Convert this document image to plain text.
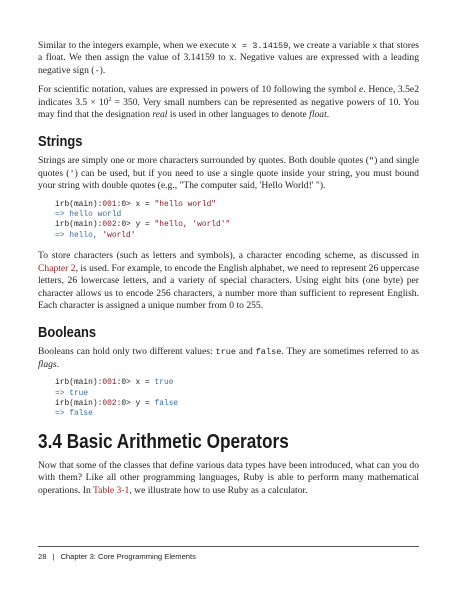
Similar to the integers example, when we execute x = 3.14159, we create a variable x that stores a float. We then assign the value of 3.14159 to x. Negative values are expressed with a leading negative sign (-).

For scientific notation, values are expressed in powers of 10 following the symbol e. Hence, 3.5e2 indicates $3.5 \times 10^2 = 350$. Very small numbers can be represented as negative powers of 10. You may find that the designation real is used in other languages to denote float.

Strings

Strings are simply one or more characters surrounded by quotes. Both double quotes (") and single quotes (') can be used, but if you need to use a single quote inside your string, you must bound your string with double quotes (e.g., "The computer said, 'Hello World!' ").

irb(main):001:0> x = "hello world"
=> hello world
irb(main):002:0> y = "hello, 'world'"
=> hello, 'world'

To store characters (such as letters and symbols), a character encoding scheme, as discussed in Chapter 2, is used. For example, to encode the English alphabet, we need to represent 26 uppercase letters, 26 lowercase letters, and a variety of special characters. Using eight bits (one byte) per character allows us to encode 256 characters, a number more than sufficient to represent English. Each character is assigned a unique number from 0 to 255.

Booleans

Booleans can hold only two different values: true and false. They are sometimes referred to as flags.

irb(main):001:0> x = true
=> true
irb(main):002:0> y = false
=> false
3.4 Basic Arithmetic Operators

Now that some of the classes that define various data types have been introduced, what can you do with them? Like all other programming languages, Ruby is able to perform many mathematical operations. In Table 3-1, we illustrate how to use Ruby as a calculator.

28 | Chapter 3: Core Programming Elements
